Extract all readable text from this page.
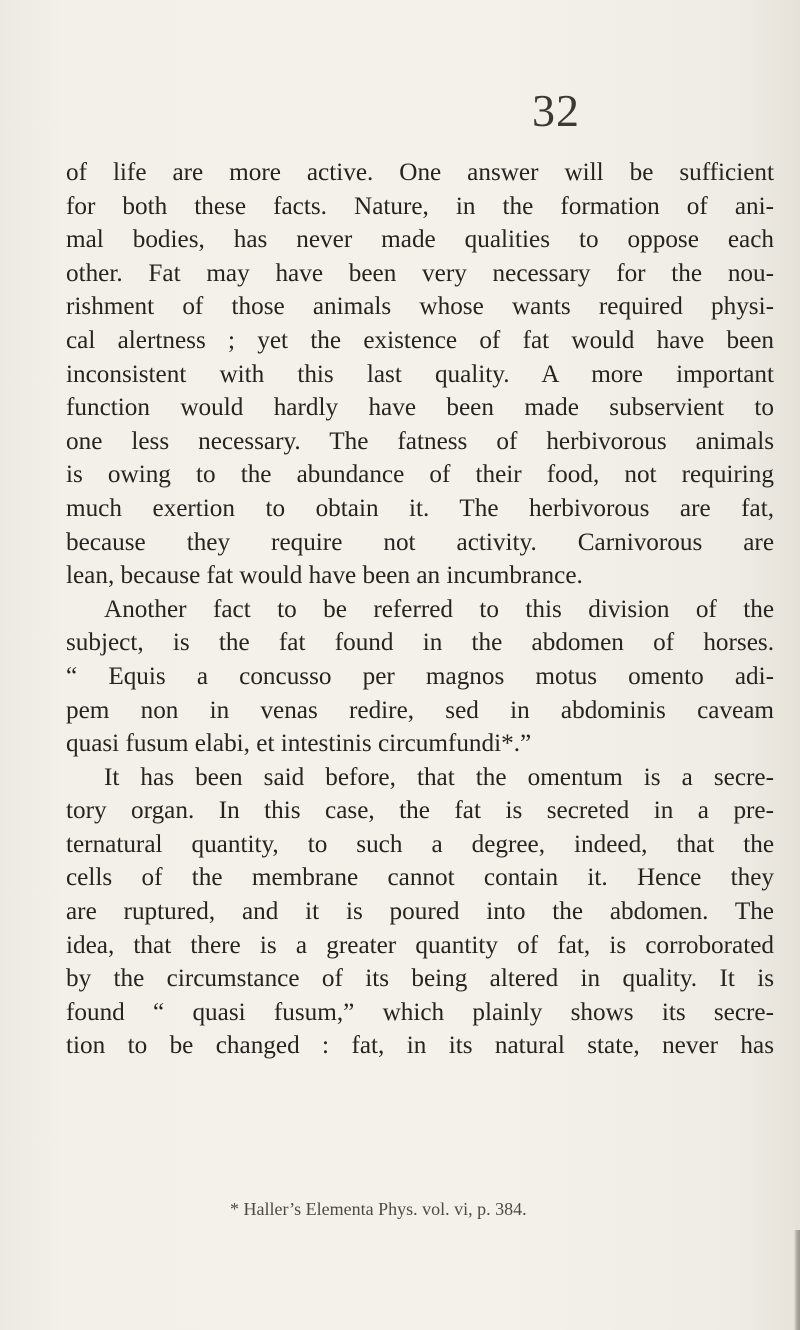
32
of life are more active. One answer will be sufficient
for both these facts. Nature, in the formation of ani-
mal bodies, has never made qualities to oppose each
other. Fat may have been very necessary for the nou-
rishment of those animals whose wants required physi-
cal alertness ; yet the existence of fat would have been
inconsistent with this last quality. A more important
function would hardly have been made subservient to
one less necessary. The fatness of herbivorous animals
is owing to the abundance of their food, not requiring
much exertion to obtain it. The herbivorous are fat,
because they require not activity. Carnivorous are
lean, because fat would have been an incumbrance.
Another fact to be referred to this division of the
subject, is the fat found in the abdomen of horses.
“ Equis a concusso per magnos motus omento adi-
pem non in venas redire, sed in abdominis caveam
quasi fusum elabi, et intestinis circumfundi*.”
It has been said before, that the omentum is a secre-
tory organ. In this case, the fat is secreted in a pre-
ternatural quantity, to such a degree, indeed, that the
cells of the membrane cannot contain it. Hence they
are ruptured, and it is poured into the abdomen. The
idea, that there is a greater quantity of fat, is corroborated
by the circumstance of its being altered in quality. It is
found “ quasi fusum,” which plainly shows its secre-
tion to be changed : fat, in its natural state, never has
* Haller’s Elementa Phys. vol. vi, p. 384.
